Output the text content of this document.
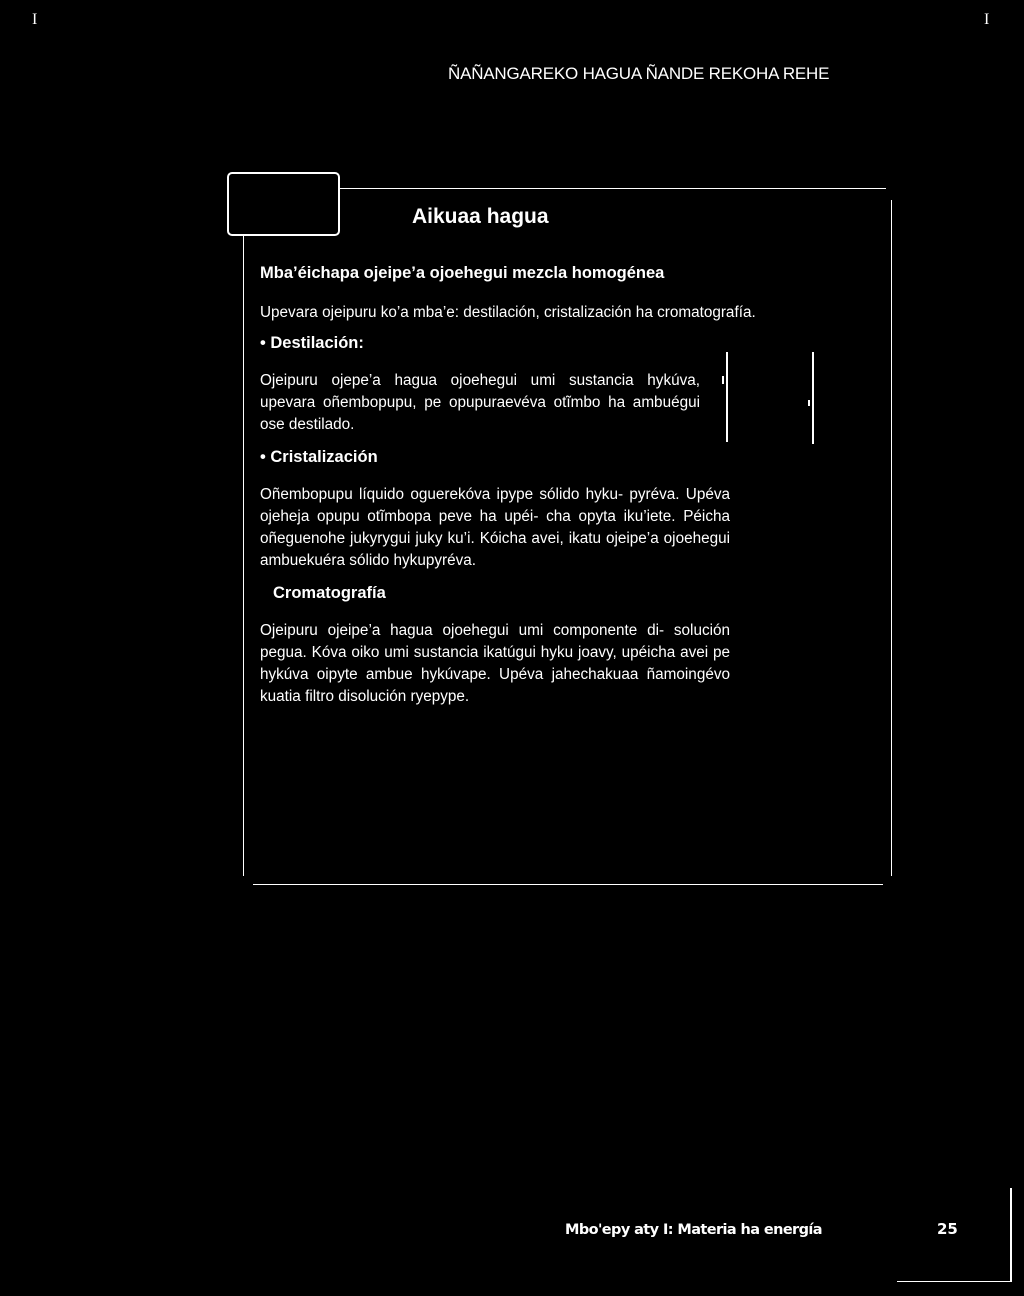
I	I
ÑAÑANGAREKO HAGUA ÑANDE REKOHA REHE
Aikuaa hagua
Mba’éichapa ojeipe’a ojoehegui mezcla homogénea

Upevara ojeipuru ko’a mba’e: destilación, cristalización ha cromatografía.

• Destilación:

Ojeipuru ojepe’a hagua ojoehegui umi sustancia hykúva, upevara oñembopupu, pe opupuraevéva otĩmbo ha ambuégui ose destilado.

• Cristalización

Oñembopupu líquido oguerekóva ipype sólido hyku- pyréva. Upéva ojeheja opupu otĩmbopa peve ha upéi- cha opyta iku’iete. Péicha oñeguenohe jukyrygui juky ku’i. Kóicha avei, ikatu ojeipe’a ojoehegui ambuekuéra sólido hykupyréva.

Cromatografía

Ojeipuru ojeipe’a hagua ojoehegui umi componente di- solución pegua. Kóva oiko umi sustancia ikatúgui hyku joavy, upéicha avei pe hykúva oipyte ambue hykúvape. Upéva jahechakuaa ñamoingévo kuatia filtro disolución ryepype.

Mbo'epy aty I: Materia ha energía	25
